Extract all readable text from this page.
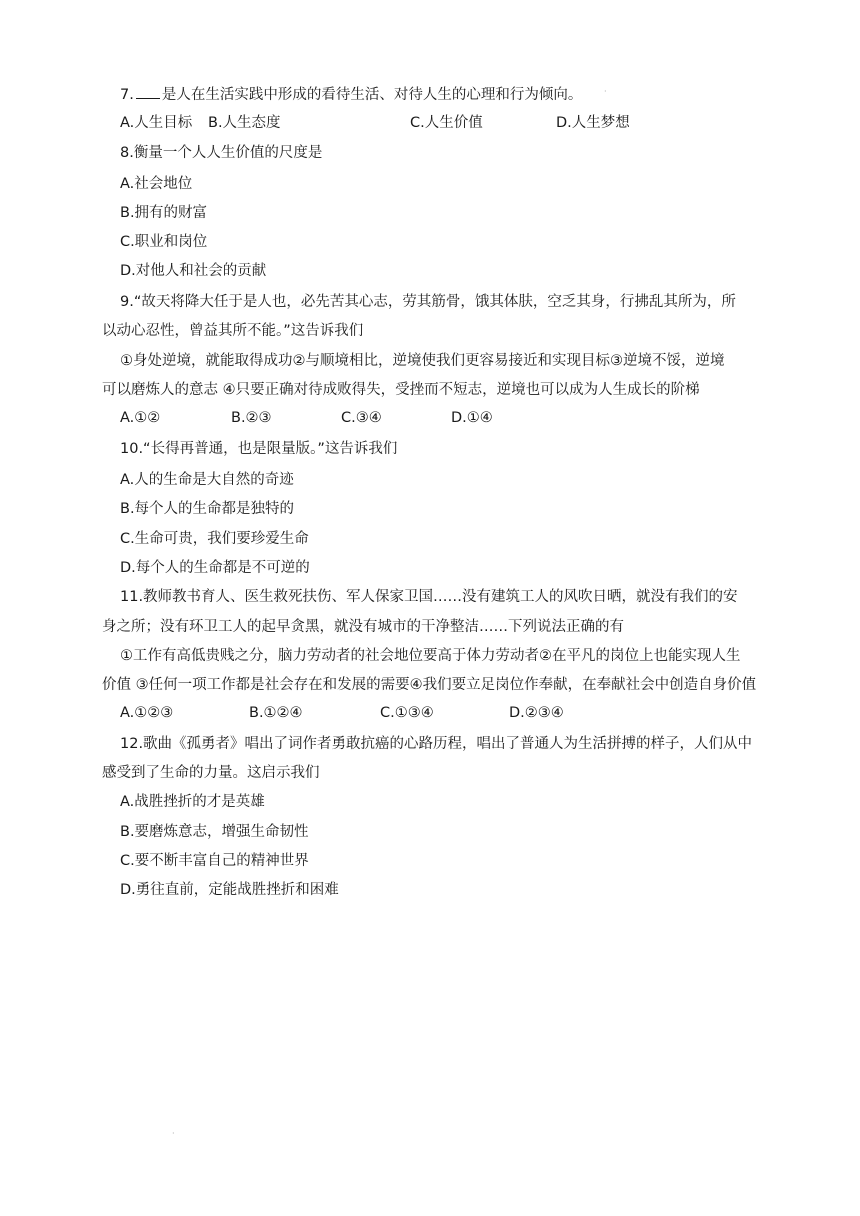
7. 是人在生活实践中形成的看待生活、对待人生的心理和行为倾向。
A.人生目标 B.人生态度	C.人生价值	D.人生梦想
8.衡量一个人人生价值的尺度是
A.社会地位
B.拥有的财富
C.职业和岗位
D.对他人和社会的贡献
9.“故天将降大任于是人也，必先苦其心志，劳其筋骨，饿其体肤，空乏其身，行拂乱其所为，所
以动心忍性，曾益其所不能。”这告诉我们
①身处逆境，就能取得成功②与顺境相比，逆境使我们更容易接近和实现目标③逆境不馁，逆境
可以磨炼人的意志 ④只要正确对待成败得失，受挫而不短志，逆境也可以成为人生成长的阶梯
A.①②	B.②③	C.③④	D.①④
10.“长得再普通，也是限量版。”这告诉我们
A.人的生命是大自然的奇迹
B.每个人的生命都是独特的
C.生命可贵，我们要珍爱生命
D.每个人的生命都是不可逆的
11.教师教书育人、医生救死扶伤、军人保家卫国……没有建筑工人的风吹日晒，就没有我们的安
身之所；没有环卫工人的起早贪黑，就没有城市的干净整洁……下列说法正确的有
①工作有高低贵贱之分，脑力劳动者的社会地位要高于体力劳动者②在平凡的岗位上也能实现人生
价值 ③任何一项工作都是社会存在和发展的需要④我们要立足岗位作奉献，在奉献社会中创造自身价值
A.①②③	B.①②④	C.①③④	D.②③④
12.歌曲《孤勇者》唱出了词作者勇敢抗癌的心路历程，唱出了普通人为生活拼搏的样子，人们从中
感受到了生命的力量。这启示我们
A.战胜挫折的才是英雄
B.要磨炼意志，增强生命韧性
C.要不断丰富自己的精神世界
D.勇往直前，定能战胜挫折和困难
·
·
